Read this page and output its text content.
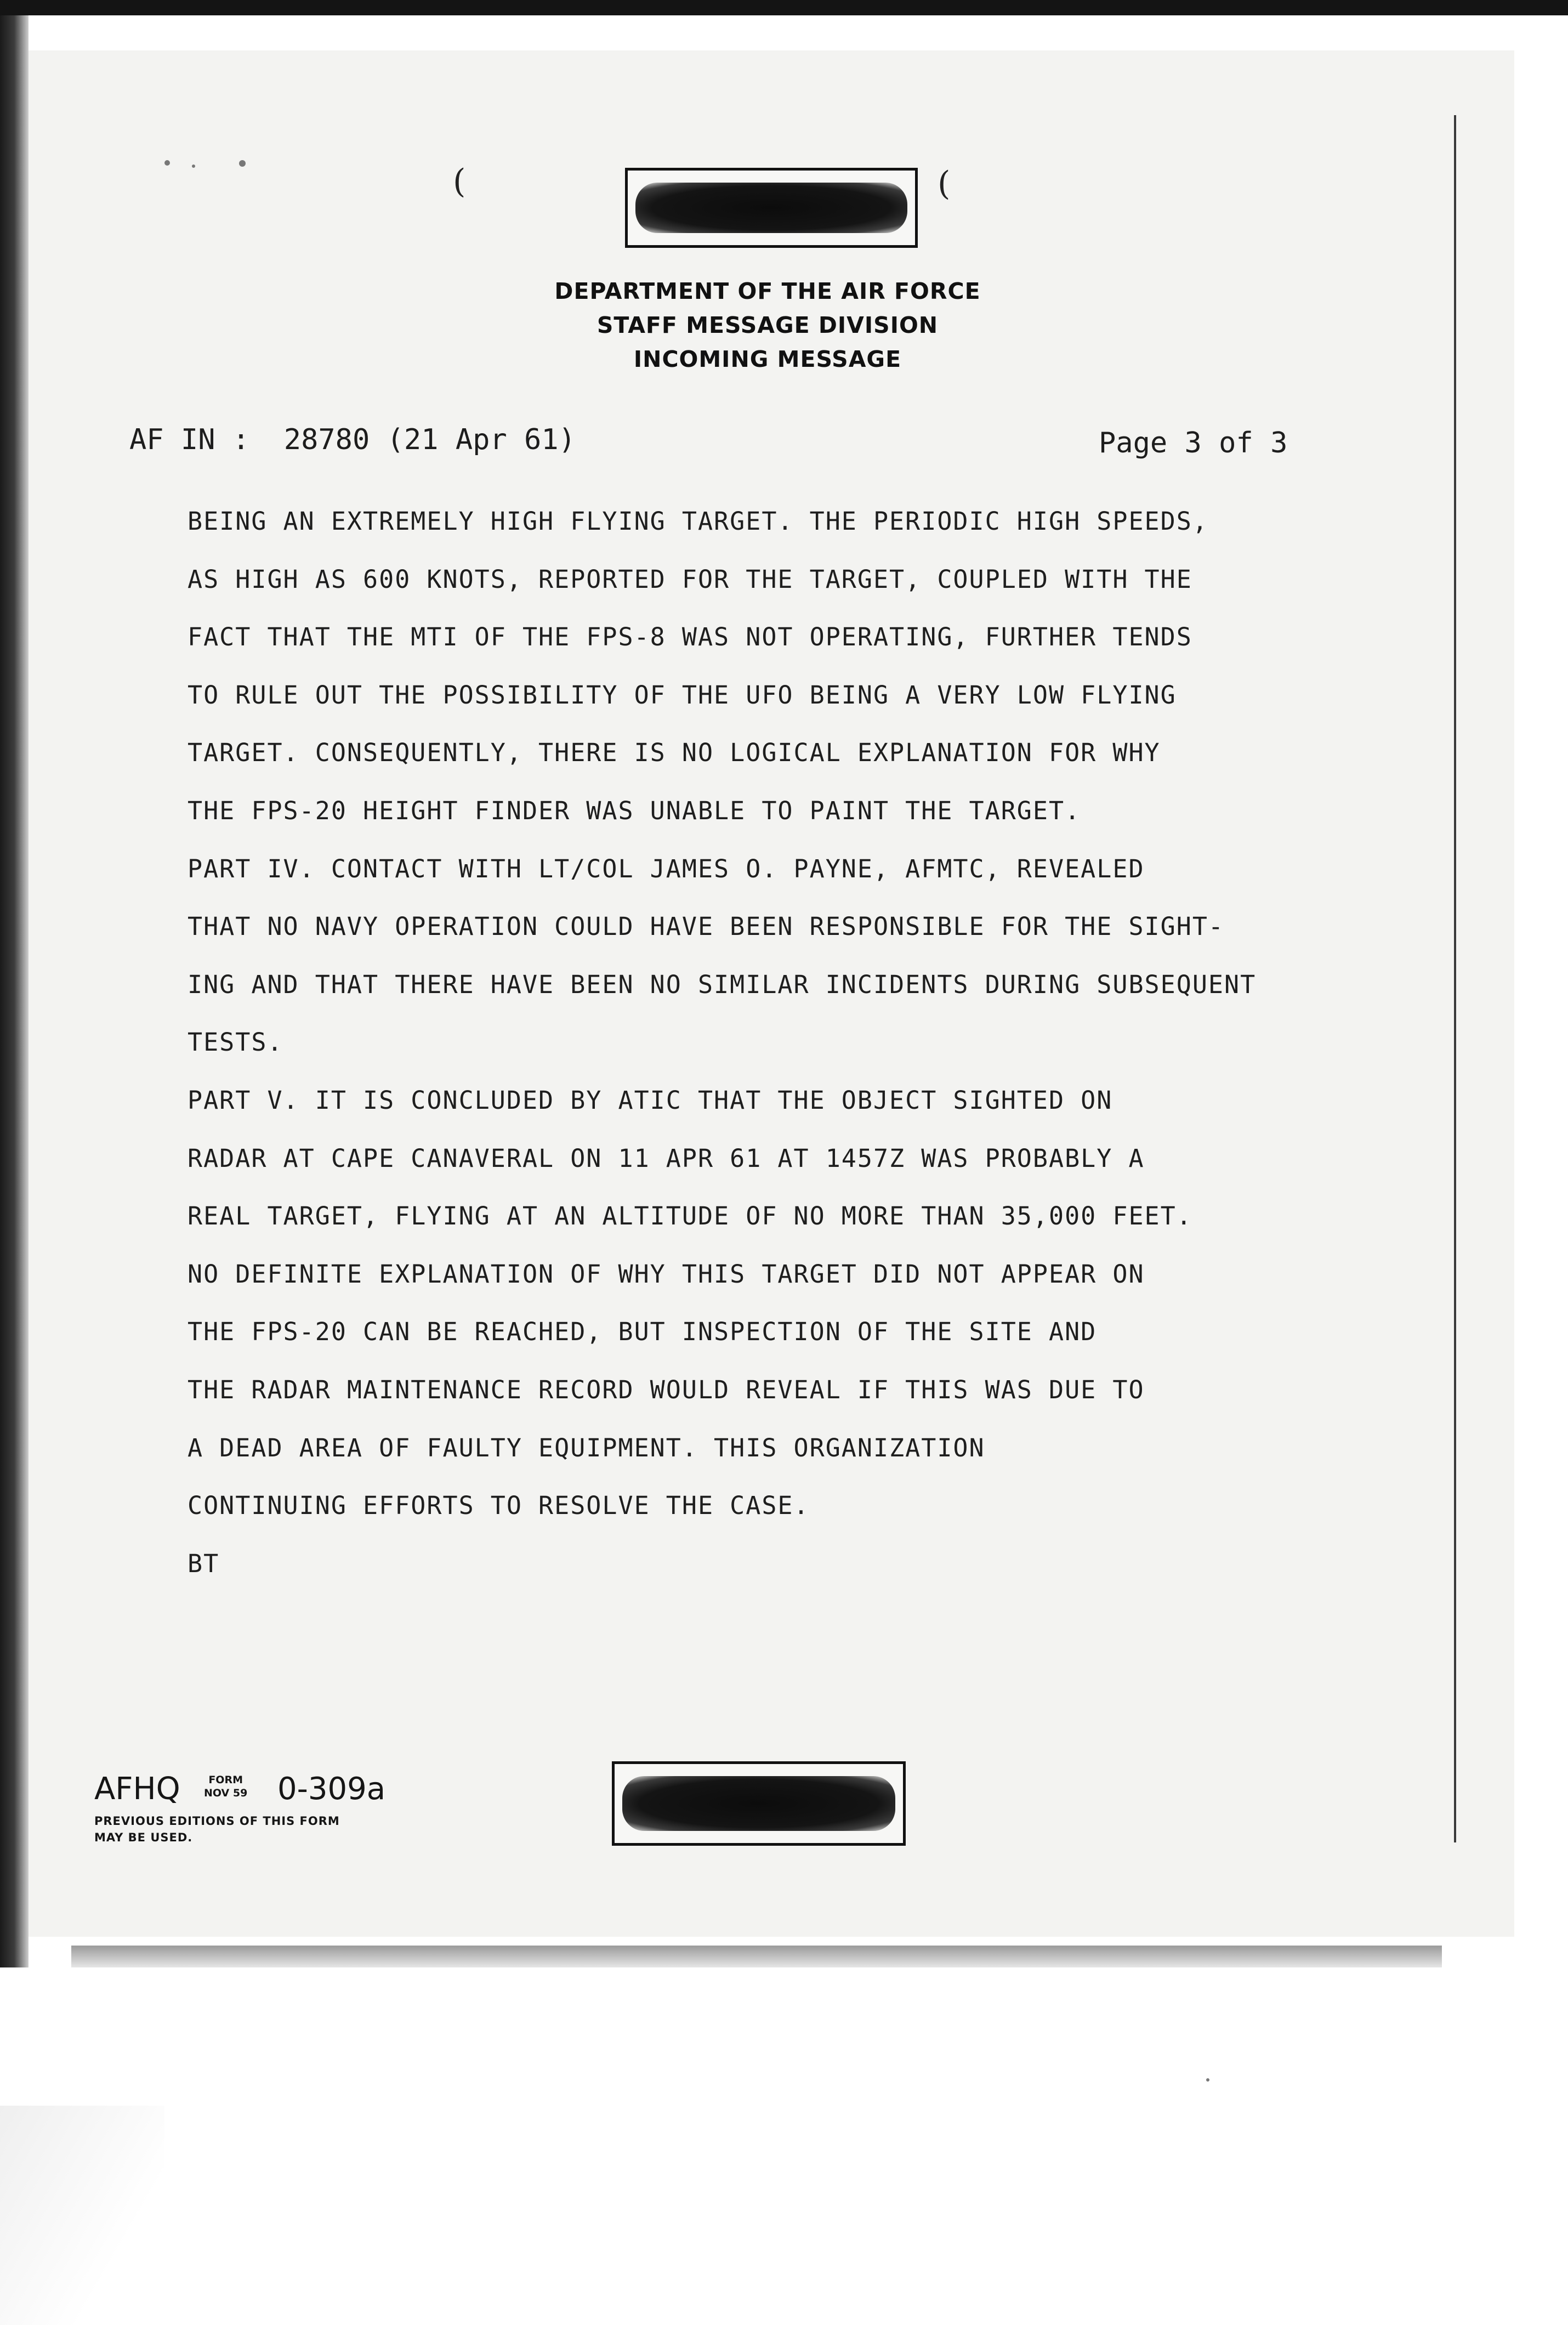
(	(
DEPARTMENT OF THE AIR FORCE
STAFF MESSAGE DIVISION
INCOMING MESSAGE
AF IN :  28780 (21 Apr 61)	Page 3 of 3
BEING AN EXTREMELY HIGH FLYING TARGET. THE PERIODIC HIGH SPEEDS,
AS HIGH AS 600 KNOTS, REPORTED FOR THE TARGET, COUPLED WITH THE
FACT THAT THE MTI OF THE FPS-8 WAS NOT OPERATING, FURTHER TENDS
TO RULE OUT THE POSSIBILITY OF THE UFO BEING A VERY LOW FLYING
TARGET. CONSEQUENTLY, THERE IS NO LOGICAL EXPLANATION FOR WHY
THE FPS-20 HEIGHT FINDER WAS UNABLE TO PAINT THE TARGET.
PART IV. CONTACT WITH LT/COL JAMES O. PAYNE, AFMTC, REVEALED
THAT NO NAVY OPERATION COULD HAVE BEEN RESPONSIBLE FOR THE SIGHT-
ING AND THAT THERE HAVE BEEN NO SIMILAR INCIDENTS DURING SUBSEQUENT
TESTS.
PART V. IT IS CONCLUDED BY ATIC THAT THE OBJECT SIGHTED ON
RADAR AT CAPE CANAVERAL ON 11 APR 61 AT 1457Z WAS PROBABLY A
REAL TARGET, FLYING AT AN ALTITUDE OF NO MORE THAN 35,000 FEET.
NO DEFINITE EXPLANATION OF WHY THIS TARGET DID NOT APPEAR ON
THE FPS-20 CAN BE REACHED, BUT INSPECTION OF THE SITE AND
THE RADAR MAINTENANCE RECORD WOULD REVEAL IF THIS WAS DUE TO
A DEAD AREA OF FAULTY EQUIPMENT. THIS ORGANIZATION
CONTINUING EFFORTS TO RESOLVE THE CASE.
BT
AFHQ	FORM
NOV 59 0-309a
PREVIOUS EDITIONS OF THIS FORM
MAY BE USED.
